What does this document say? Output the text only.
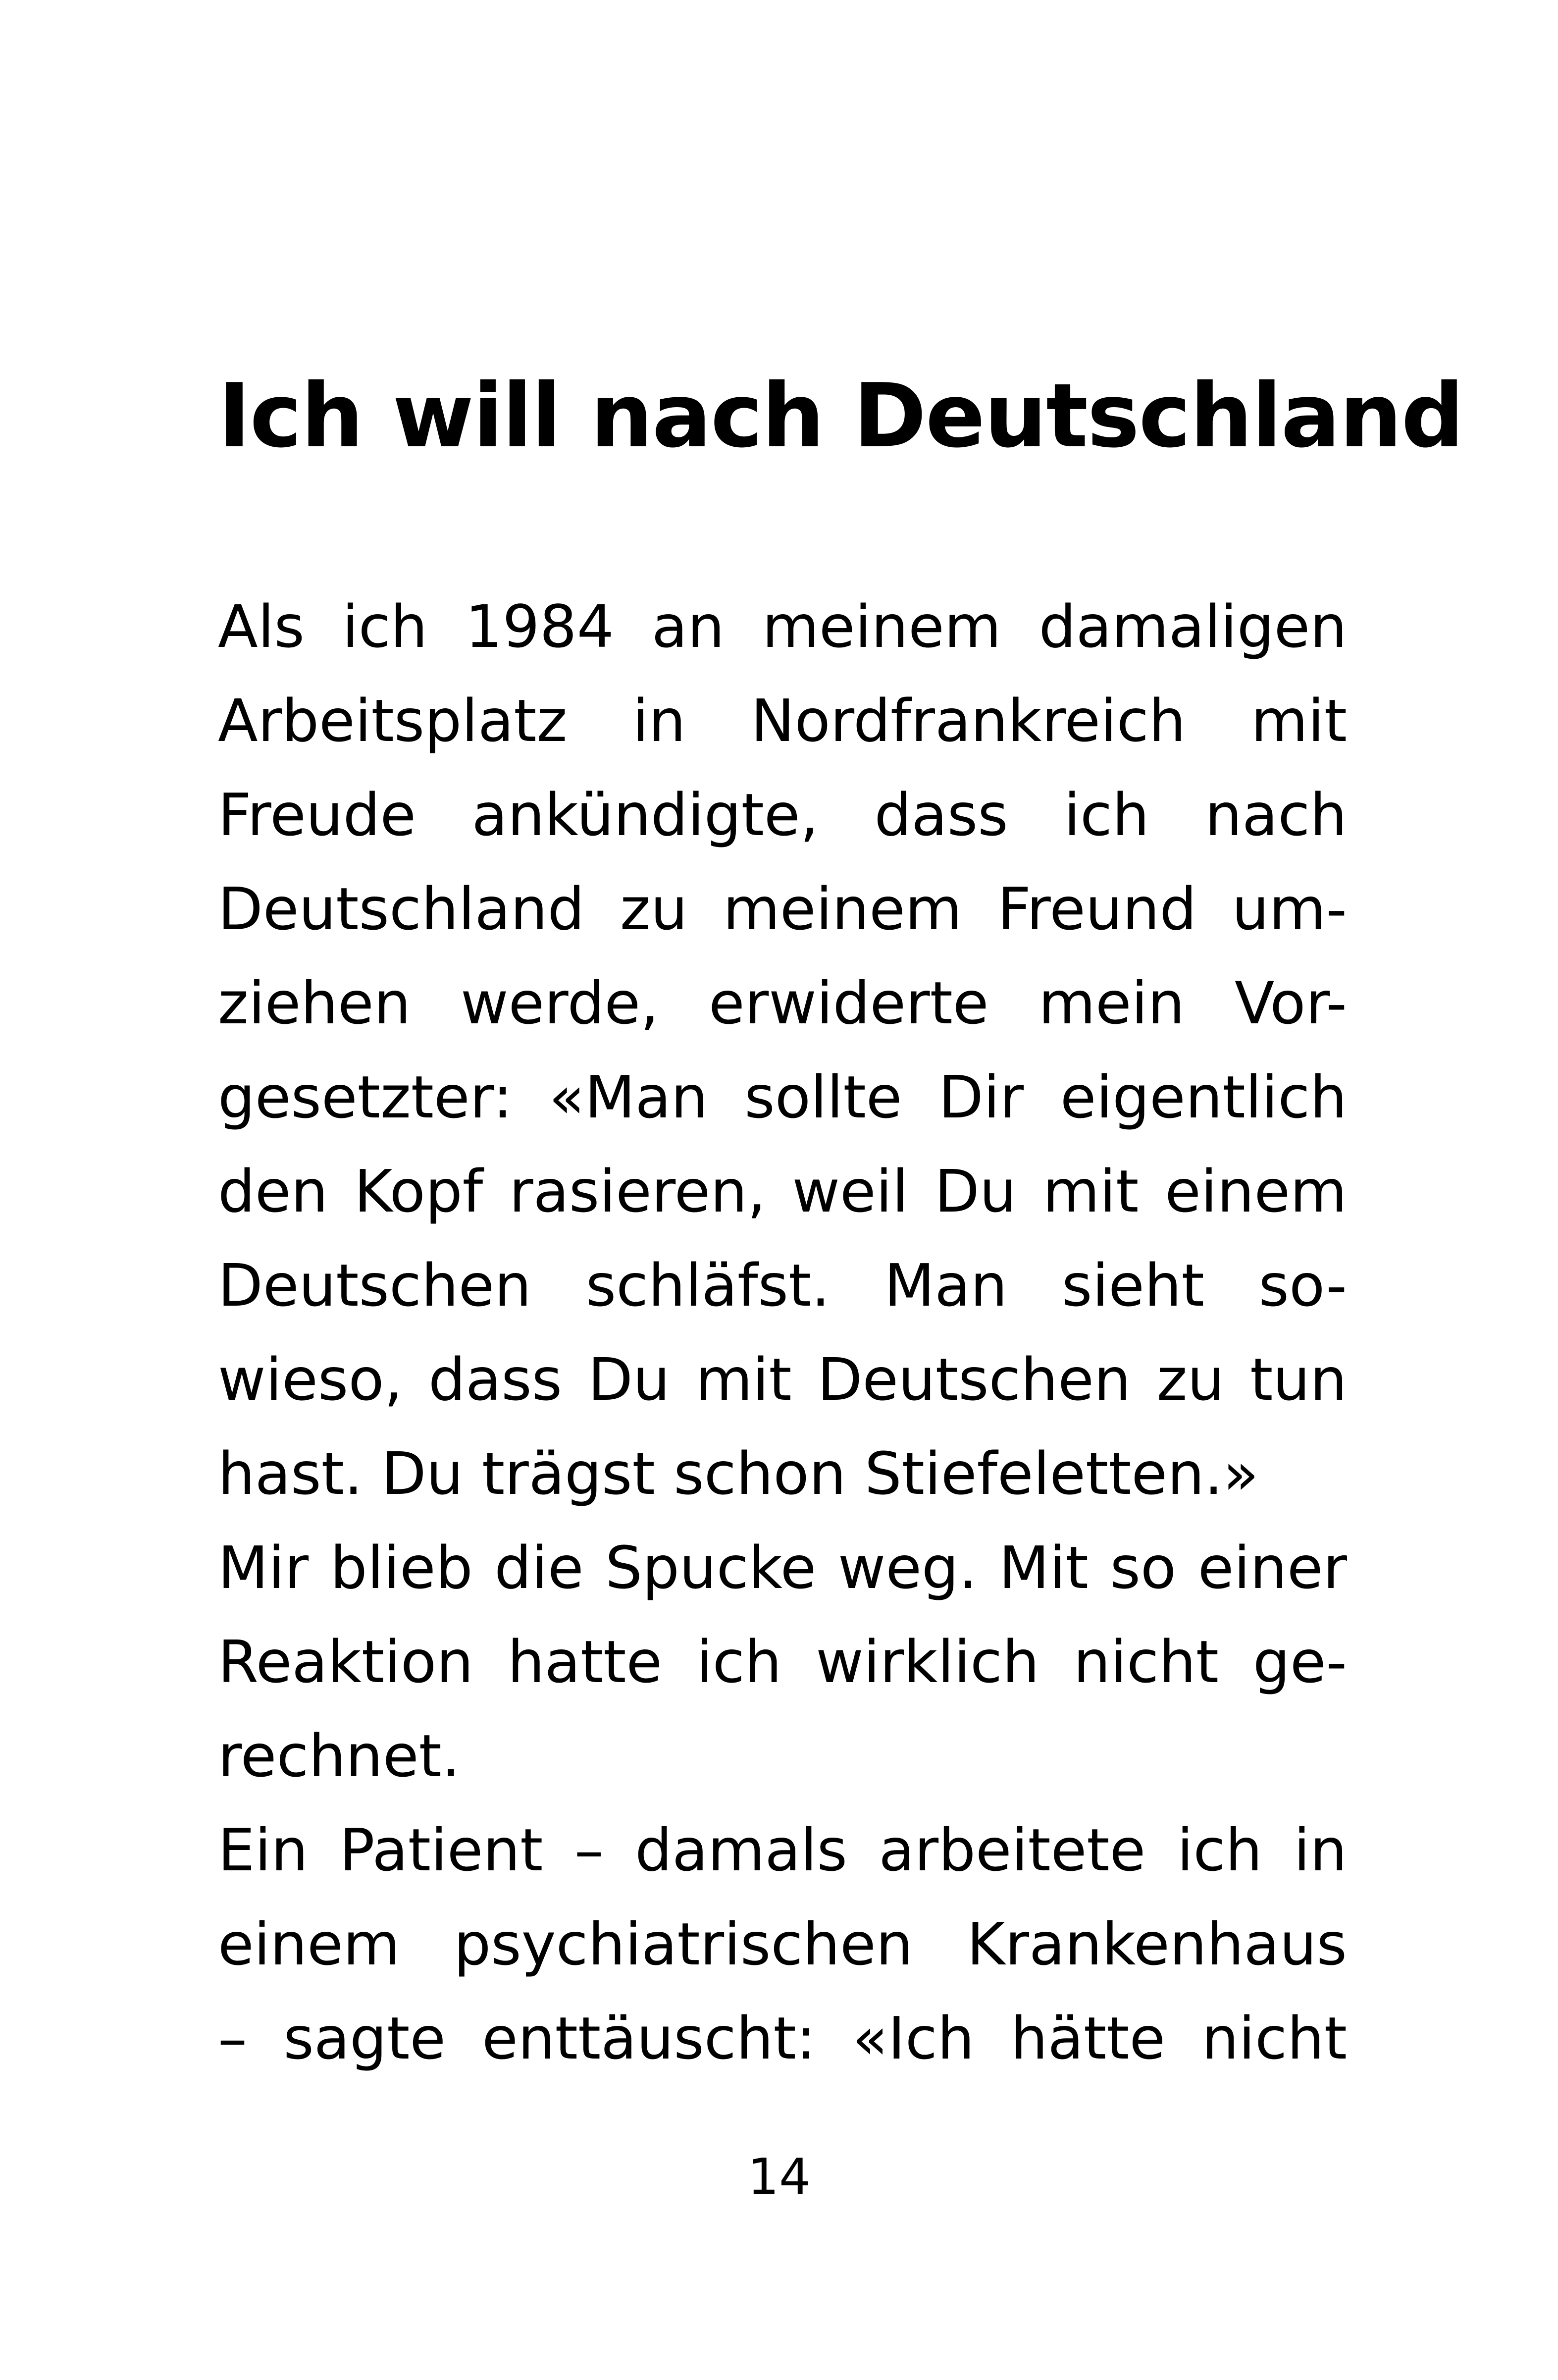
Ich will nach Deutschland
Als ich 1984 an meinem damaligen
Arbeitsplatz in Nordfrankreich mit
Freude ankündigte, dass ich nach
Deutschland zu meinem Freund um-
ziehen werde, erwiderte mein Vor-
gesetzter: «Man sollte Dir eigentlich
den Kopf rasieren, weil Du mit einem
Deutschen schläfst. Man sieht so-
wieso, dass Du mit Deutschen zu tun
hast. Du trägst schon Stiefeletten.»
Mir blieb die Spucke weg. Mit so einer
Reaktion hatte ich wirklich nicht ge-
rechnet.
Ein Patient – damals arbeitete ich in
einem psychiatrischen Krankenhaus
– sagte enttäuscht: «Ich hätte nicht
14
